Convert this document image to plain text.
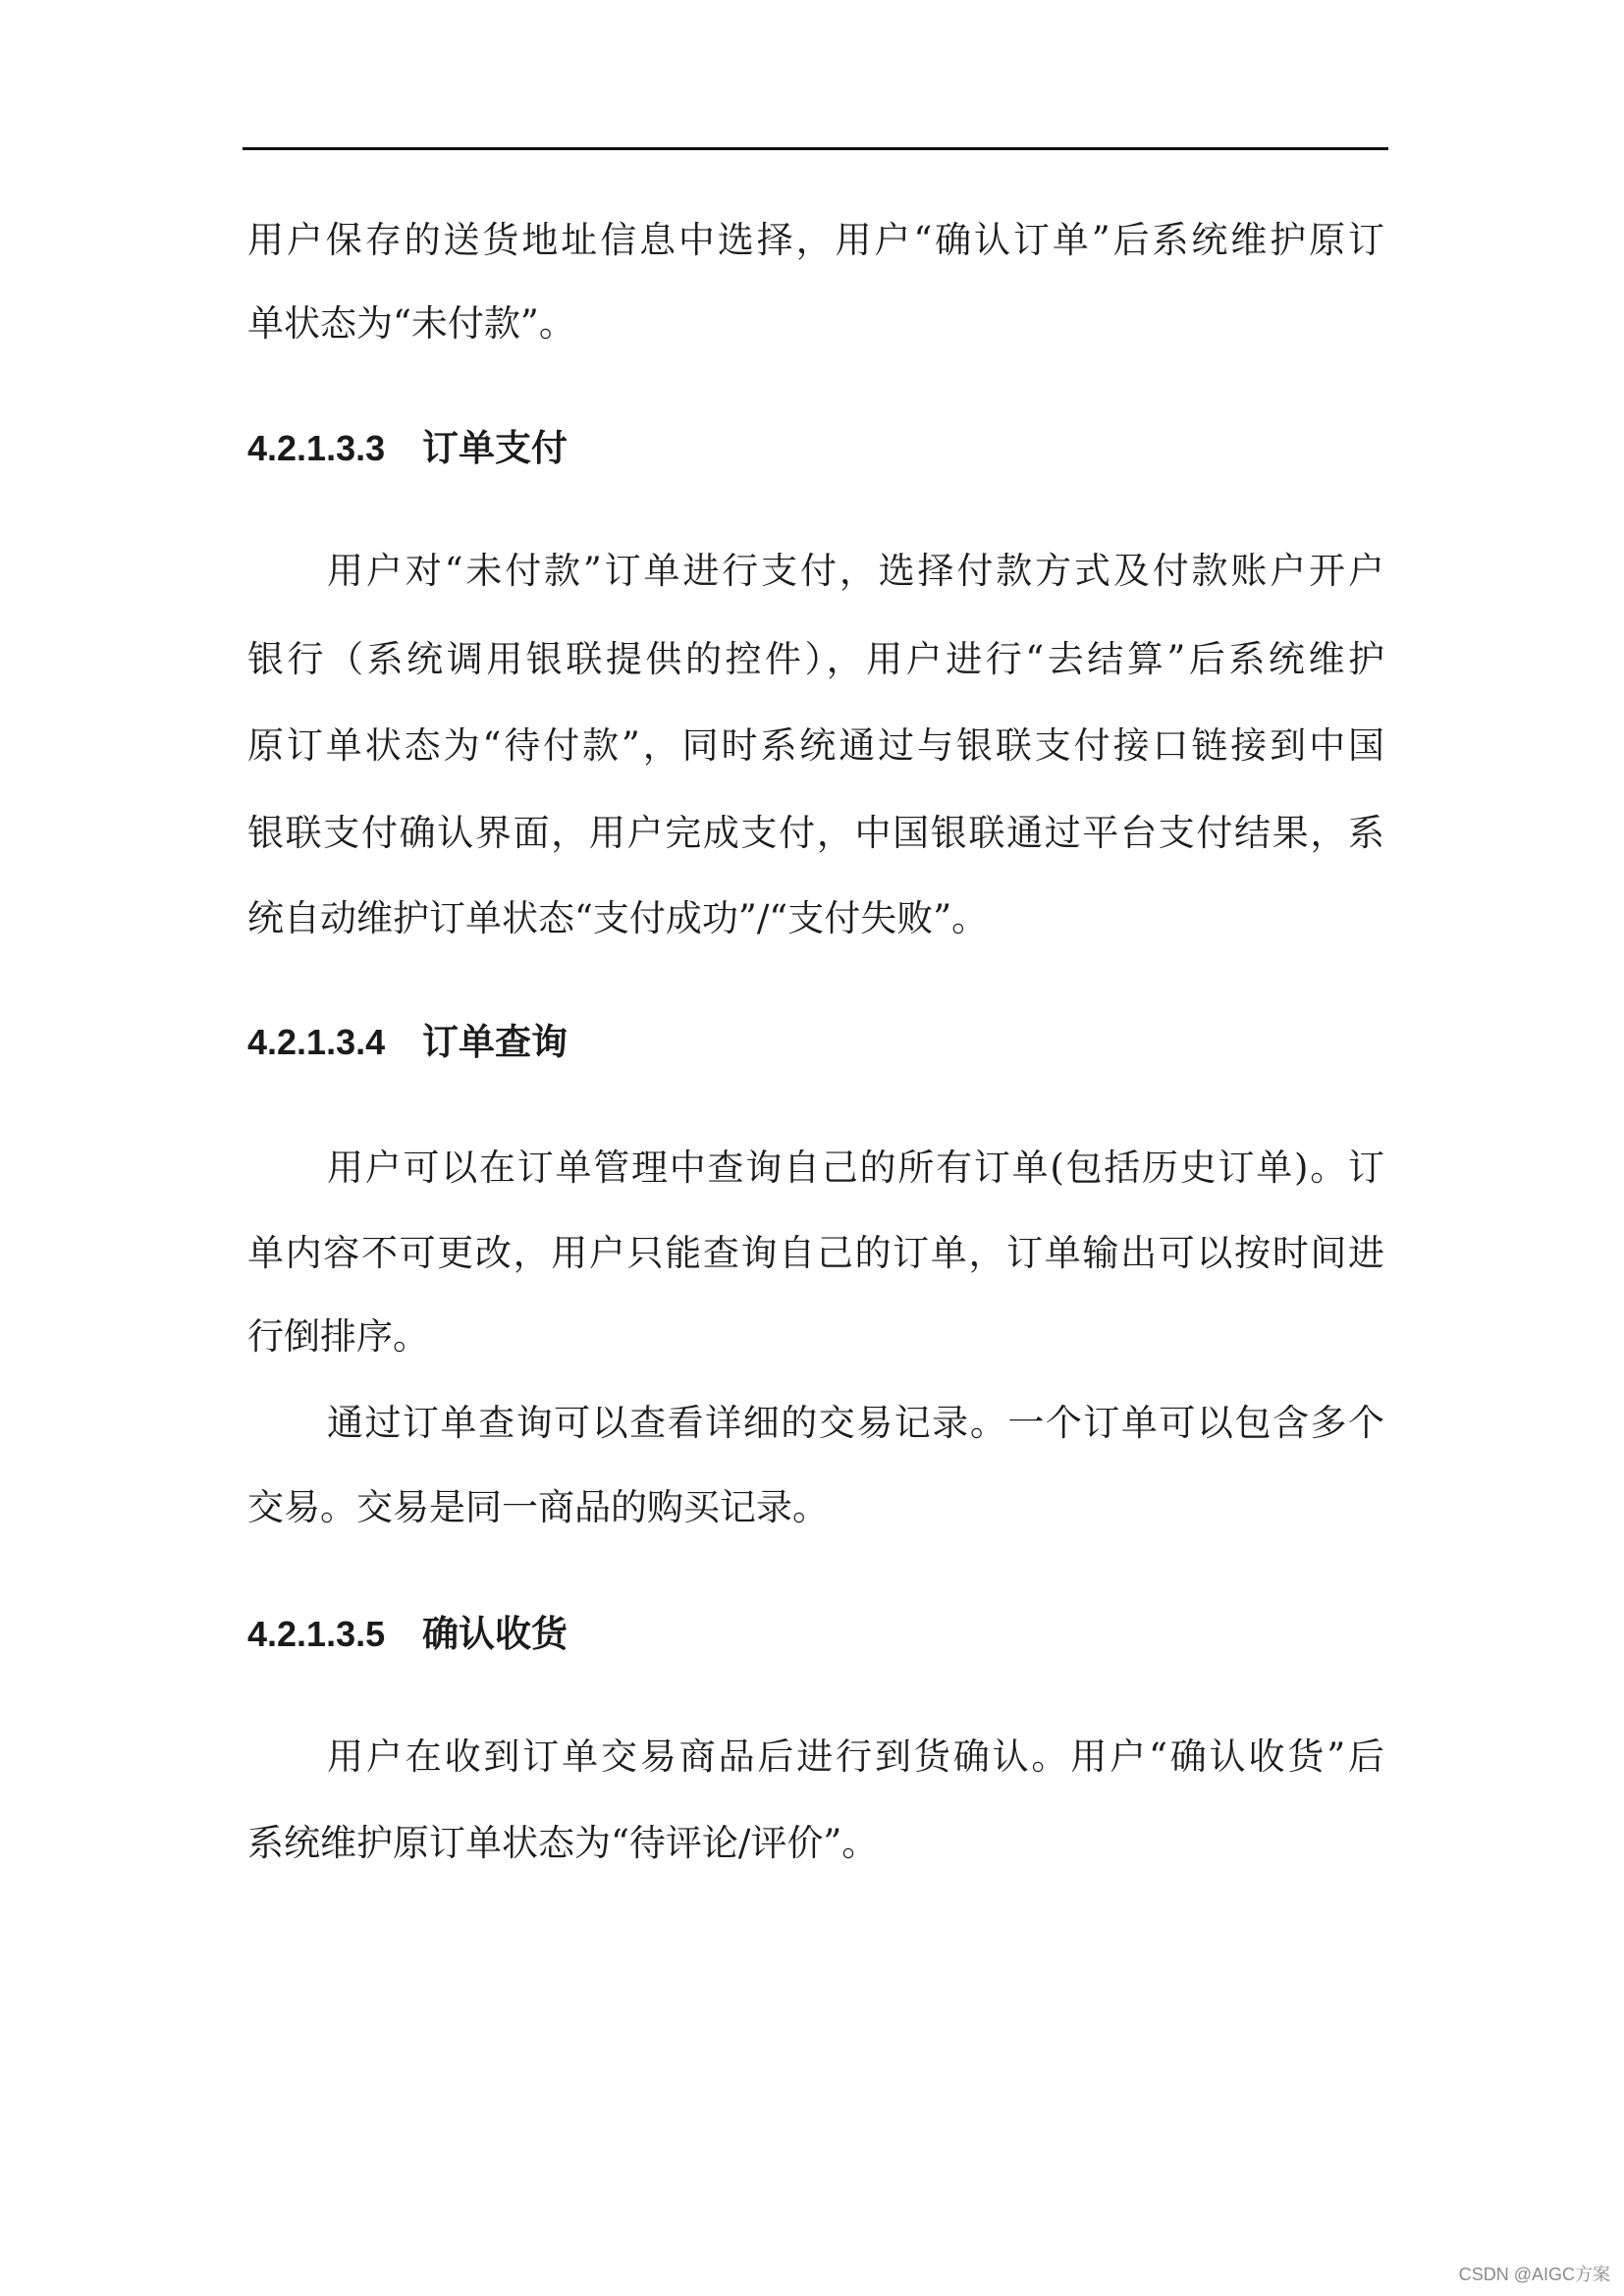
用户保存的送货地址信息中选择，用户“确认订单”后系统维护原订
单状态为“未付款”。
4.2.1.3.3 订单支付
用户对“未付款”订单进行支付，选择付款方式及付款账户开户
银行（系统调用银联提供的控件），用户进行“去结算”后系统维护
原订单状态为“待付款”，同时系统通过与银联支付接口链接到中国
银联支付确认界面，用户完成支付，中国银联通过平台支付结果，系
统自动维护订单状态“支付成功”/“支付失败”。
4.2.1.3.4 订单查询
用户可以在订单管理中查询自己的所有订单(包括历史订单)。订
单内容不可更改，用户只能查询自己的订单，订单输出可以按时间进
行倒排序。
通过订单查询可以查看详细的交易记录。一个订单可以包含多个
交易。交易是同一商品的购买记录。
4.2.1.3.5 确认收货
用户在收到订单交易商品后进行到货确认。用户“确认收货”后
系统维护原订单状态为“待评论/评价”。
CSDN @AIGC方案
